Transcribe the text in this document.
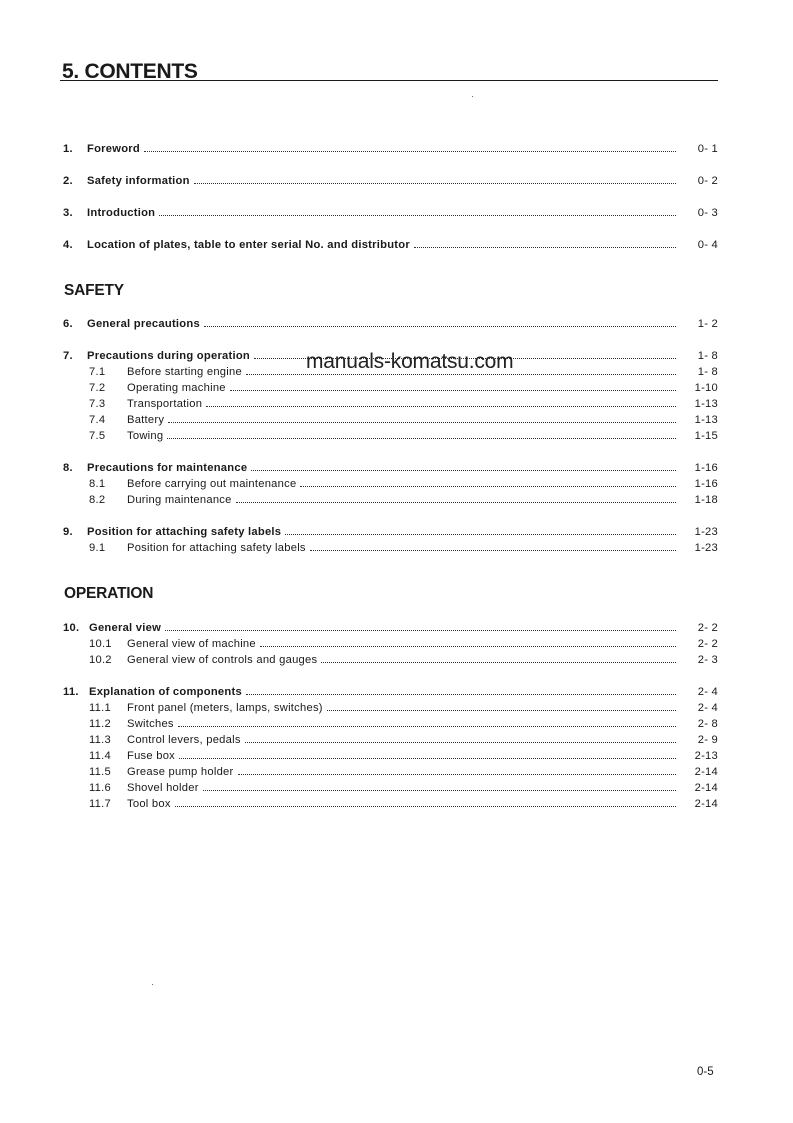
5. CONTENTS
1.	Foreword	0- 1
2.	Safety information	0- 2
3.	Introduction	0- 3
4.	Location of plates, table to enter serial No. and distributor	0- 4
SAFETY
6.	General precautions	1- 2
7.	Precautions during operation	1- 8
7.1	Before starting engine	1- 8
7.2	Operating machine	1-10
7.3	Transportation	1-13
7.4	Battery	1-13
7.5	Towing	1-15
8.	Precautions for maintenance	1-16
8.1	Before carrying out maintenance	1-16
8.2	During maintenance	1-18
9.	Position for attaching safety labels	1-23
9.1	Position for attaching safety labels	1-23
OPERATION
10. General view	2- 2
10.1	General view of machine	2- 2
10.2	General view of controls and gauges	2- 3
11. Explanation of components	2- 4
11.1	Front panel (meters, lamps, switches)	2- 4
11.2	Switches	2- 8
11.3	Control levers, pedals	2- 9
11.4	Fuse box	2-13
11.5	Grease pump holder	2-14
11.6	Shovel holder	2-14
11.7	Tool box	2-14
manuals-komatsu.com
0-5
